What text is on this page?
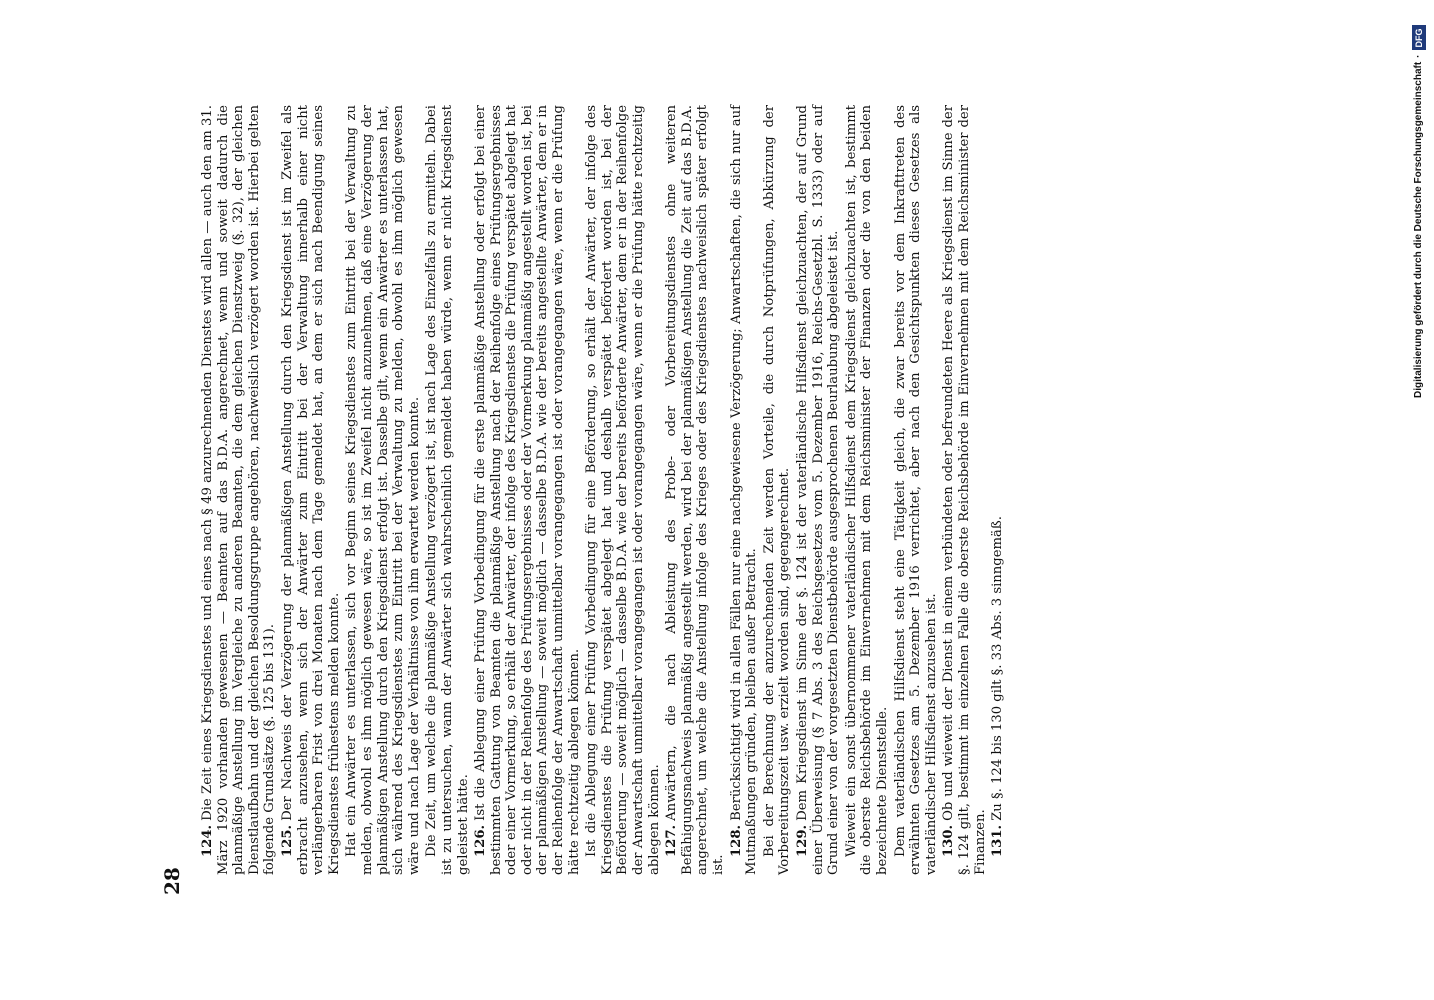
28

124.Die Zeit eines Kriegsdienstes und eines nach § 49 anzurechnenden Dienstes wird allen — auch den am 31. März 1920 vorhanden gewesenen — Beamten auf das B.D.A. angerechnet, wenn und soweit dadurch die planmäßige Anstellung im Vergleiche zu anderen Beamten, die dem gleichen Dienstzweig (§. 32), der gleichen Dienstlaufbahn und der gleichen Besoldungsgruppe angehören, nachweislich verzögert worden ist. Hierbei gelten folgende Grundsätze (§. 125 bis 131). 125.Der Nachweis der Verzögerung der planmäßigen Anstellung durch den Kriegsdienst ist im Zweifel als erbracht anzusehen, wenn sich der Anwärter zum Eintritt bei der Verwaltung innerhalb einer nicht verlängerbaren Frist von drei Monaten nach dem Tage gemeldet hat, an dem er sich nach Beendigung seines Kriegsdienstes frühestens melden konnte. Hat ein Anwärter es unterlassen, sich vor Beginn seines Kriegsdienstes zum Eintritt bei der Verwaltung zu melden, obwohl es ihm möglich gewesen wäre, so ist im Zweifel nicht anzunehmen, daß eine Verzögerung der planmäßigen Anstellung durch den Kriegsdienst erfolgt ist. Dasselbe gilt, wenn ein Anwärter es unterlassen hat, sich während des Kriegsdienstes zum Eintritt bei der Verwaltung zu melden, obwohl es ihm möglich gewesen wäre und nach Lage der Verhältnisse von ihm erwartet werden konnte. Die Zeit, um welche die planmäßige Anstellung verzögert ist, ist nach Lage des Einzelfalls zu ermitteln. Dabei ist zu untersuchen, wann der Anwärter sich wahrscheinlich gemeldet haben würde, wenn er nicht Kriegsdienst geleistet hätte. 126.Ist die Ablegung einer Prüfung Vorbedingung für die erste planmäßige Anstellung oder erfolgt bei einer bestimmten Gattung von Beamten die planmäßige Anstellung nach der Reihenfolge eines Prüfungsergebnisses oder einer Vormerkung, so erhält der Anwärter, der infolge des Kriegsdienstes die Prüfung verspätet abgelegt hat oder nicht in der Reihenfolge des Prüfungsergebnisses oder der Vormerkung planmäßig angestellt worden ist, bei der planmäßigen Anstellung — soweit möglich — dasselbe B.D.A. wie der bereits angestellte Anwärter, dem er in der Reihenfolge der Anwartschaft unmittelbar vorangegangen ist oder vorangegangen wäre, wenn er die Prüfung hätte rechtzeitig ablegen können. Ist die Ablegung einer Prüfung Vorbedingung für eine Beförderung, so erhält der Anwärter, der infolge des Kriegsdienstes die Prüfung verspätet abgelegt hat und deshalb verspätet befördert worden ist, bei der Beförderung — soweit möglich — dasselbe B.D.A. wie der bereits beförderte Anwärter, dem er in der Reihenfolge der Anwartschaft unmittelbar vorangegangen ist oder vorangegangen wäre, wenn er die Prüfung hätte rechtzeitig ablegen können. 127.Anwärtern, die nach Ableistung des Probe- oder Vorbereitungsdienstes ohne weiteren Befähigungsnachweis planmäßig angestellt werden, wird bei der planmäßigen Anstellung die Zeit auf das B.D.A. angerechnet, um welche die Anstellung infolge des Krieges oder des Kriegsdienstes nachweislich später erfolgt ist.

128.Berücksichtigt wird in allen Fällen nur eine nachgewiesene Verzögerung; Anwartschaften, die sich nur auf Mutmaßungen gründen, bleiben außer Betracht. Bei der Berechnung der anzurechnenden Zeit werden Vorteile, die durch Notprüfungen, Abkürzung der Vorbereitungszeit usw. erzielt worden sind, gegengerechnet. 129.Dem Kriegsdienst im Sinne der §. 124 ist der vaterländische Hilfsdienst gleichzuachten, der auf Grund einer Überweisung (§ 7 Abs. 3 des Reichsgesetzes vom 5. Dezember 1916, Reichs-Gesetzbl. S. 1333) oder auf Grund einer von der vorgesetzten Dienstbehörde ausgesprochenen Beurlaubung abgeleistet ist. Wieweit ein sonst übernommener vaterländischer Hilfsdienst dem Kriegsdienst gleichzuachten ist, bestimmt die oberste Reichsbehörde im Einvernehmen mit dem Reichsminister der Finanzen oder die von den beiden bezeichnete Dienststelle. Dem vaterländischen Hilfsdienst steht eine Tätigkeit gleich, die zwar bereits vor dem Inkrafttreten des erwähnten Gesetzes am 5. Dezember 1916 verrichtet, aber nach den Gesichtspunkten dieses Gesetzes als vaterländischer Hilfsdienst anzusehen ist. 130.Ob und wieweit der Dienst in einem verbündeten oder befreundeten Heere als Kriegsdienst im Sinne der §. 124 gilt, bestimmt im einzelnen Falle die oberste Reichsbehörde im Einvernehmen mit dem Reichsminister der Finanzen. 131.Zu §. 124 bis 130 gilt §. 33 Abs. 3 sinngemäß.

Digitalisierung gefördert durch die Deutsche Forschungsgemeinschaft
·
DFG
